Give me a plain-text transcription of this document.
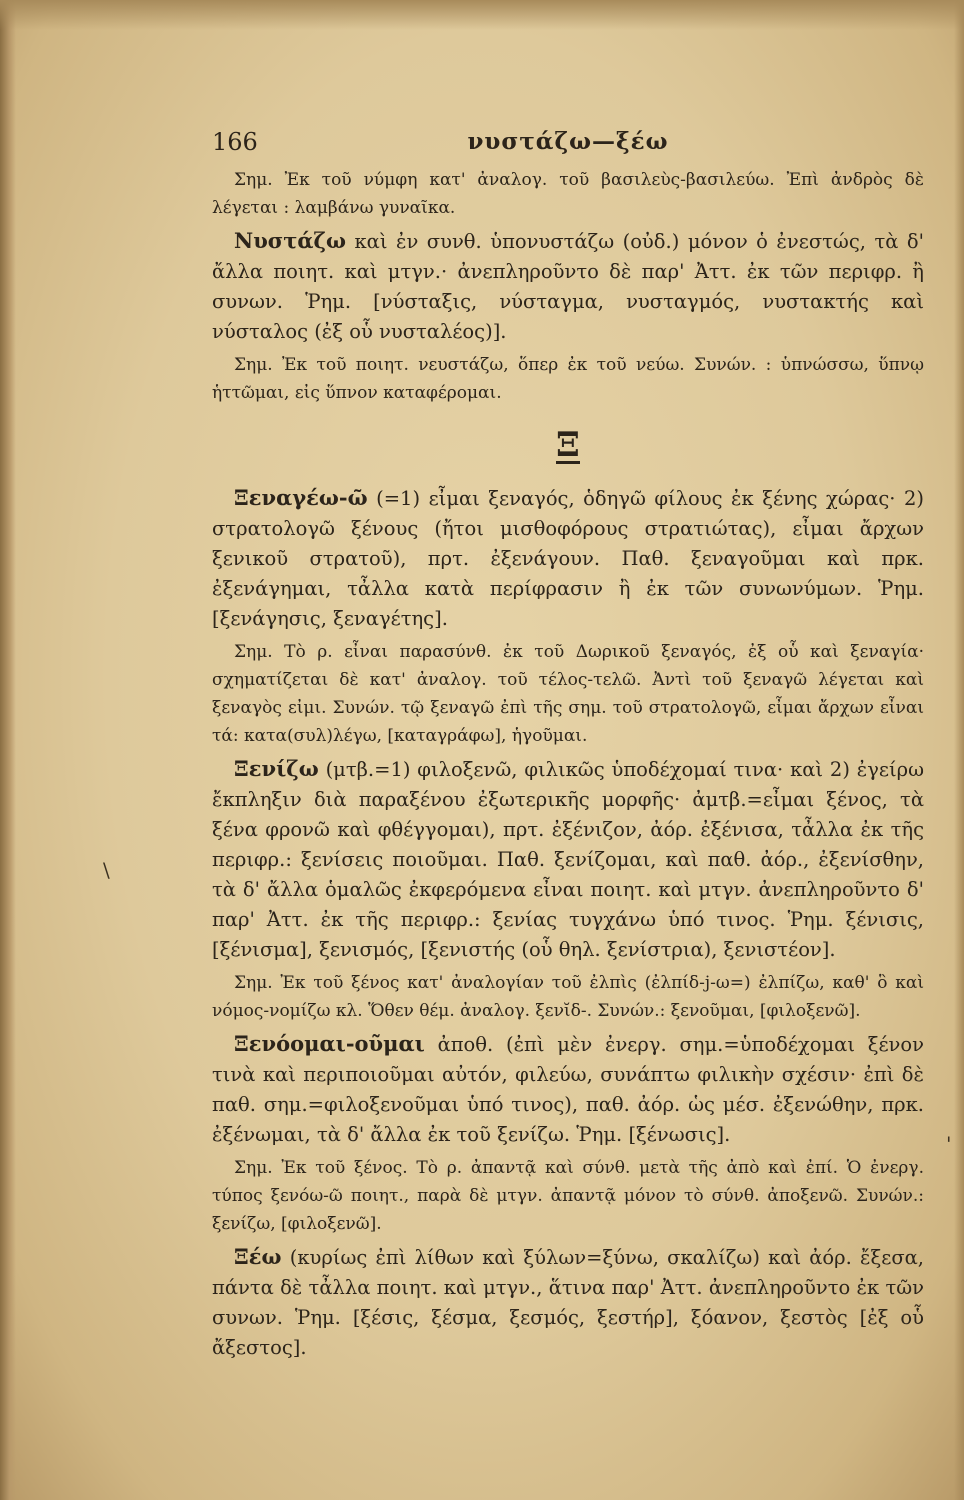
\
'
166	νυστάζω—ξέω
Σημ. Ἐκ τοῦ νύμφη κατ' ἀναλογ. τοῦ βασιλεὺς-βασιλεύω. Ἐπὶ ἀνδρὸς δὲ λέγεται : λαμβάνω γυναῖκα.
Νυστάζω καὶ ἐν συνθ. ὑπονυστάζω (οὐδ.) μόνον ὁ ἐνεστώς, τὰ δ' ἄλλα ποιητ. καὶ μτγν.· ἀνεπληροῦντο δὲ παρ' Ἀττ. ἐκ τῶν περιφρ. ἢ συνων. Ῥημ. [νύσταξις, νύσταγμα, νυσταγμός, νυστακτής καὶ νύσταλος (ἐξ οὗ νυσταλέος)].
Σημ. Ἐκ τοῦ ποιητ. νευστάζω, ὅπερ ἐκ τοῦ νεύω. Συνών. : ὑπνώσσω, ὕπνῳ ἡττῶμαι, εἰς ὕπνον καταφέρομαι.
Ξ
Ξεναγέω-ῶ (=1) εἶμαι ξεναγός, ὁδηγῶ φίλους ἐκ ξένης χώρας· 2) στρατολογῶ ξένους (ἤτοι μισθοφόρους στρατιώτας), εἶμαι ἄρχων ξενικοῦ στρατοῦ), πρτ. ἐξενάγουν. Παθ. ξεναγοῦμαι καὶ πρκ. ἐξενάγημαι, τἆλλα κατὰ περίφρασιν ἢ ἐκ τῶν συνωνύμων. Ῥημ. [ξενάγησις, ξεναγέτης].
Σημ. Τὸ ρ. εἶναι παρασύνθ. ἐκ τοῦ Δωρικοῦ ξεναγός, ἐξ οὗ καὶ ξεναγία· σχηματίζεται δὲ κατ' ἀναλογ. τοῦ τέλος-τελῶ. Ἀντὶ τοῦ ξεναγῶ λέγεται καὶ ξεναγὸς εἰμι. Συνών. τῷ ξεναγῶ ἐπὶ τῆς σημ. τοῦ στρατολογῶ, εἶμαι ἄρχων εἶναι τά: κατα(συλ)λέγω, [καταγράφω], ἡγοῦμαι.
Ξενίζω (μτβ.=1) φιλοξενῶ, φιλικῶς ὑποδέχομαί τινα· καὶ 2) ἐγείρω ἔκπληξιν διὰ παραξένου ἐξωτερικῆς μορφῆς· ἀμτβ.=εἶμαι ξένος, τὰ ξένα φρονῶ καὶ φθέγγομαι), πρτ. ἐξένιζον, ἀόρ. ἐξένισα, τἆλλα ἐκ τῆς περιφρ.: ξενίσεις ποιοῦμαι. Παθ. ξενίζομαι, καὶ παθ. ἀόρ., ἐξενίσθην, τὰ δ' ἄλλα ὁμαλῶς ἐκφερόμενα εἶναι ποιητ. καὶ μτγν. ἀνεπληροῦντο δ' παρ' Ἀττ. ἐκ τῆς περιφρ.: ξενίας τυγχάνω ὑπό τινος. Ῥημ. ξένισις, [ξένισμα], ξενισμός, [ξενιστής (οὗ θηλ. ξενίστρια), ξενιστέον].
Σημ. Ἐκ τοῦ ξένος κατ' ἀναλογίαν τοῦ ἐλπὶς (ἐλπίδ-j-ω=) ἐλπίζω, καθ' ὃ καὶ νόμος-νομίζω κλ. Ὅθεν θέμ. ἀναλογ. ξενῐδ-. Συνών.: ξενοῦμαι, [φιλοξενῶ].
Ξενόομαι-οῦμαι ἀποθ. (ἐπὶ μὲν ἐνεργ. σημ.=ὑποδέχομαι ξένον τινὰ καὶ περιποιοῦμαι αὐτόν, φιλεύω, συνάπτω φιλικὴν σχέσιν· ἐπὶ δὲ παθ. σημ.=φιλοξενοῦμαι ὑπό τινος), παθ. ἀόρ. ὡς μέσ. ἐξενώθην, πρκ. ἐξένωμαι, τὰ δ' ἄλλα ἐκ τοῦ ξενίζω. Ῥημ. [ξένωσις].
Σημ. Ἐκ τοῦ ξένος. Τὸ ρ. ἀπαντᾷ καὶ σύνθ. μετὰ τῆς ἀπὸ καὶ ἐπί. Ὁ ἐνεργ. τύπος ξενόω-ῶ ποιητ., παρὰ δὲ μτγν. ἀπαντᾷ μόνον τὸ σύνθ. ἀποξενῶ. Συνών.: ξενίζω, [φιλοξενῶ].
Ξέω (κυρίως ἐπὶ λίθων καὶ ξύλων=ξύνω, σκαλίζω) καὶ ἀόρ. ἔξεσα, πάντα δὲ τἆλλα ποιητ. καὶ μτγν., ἅτινα παρ' Ἀττ. ἀνεπληροῦντο ἐκ τῶν συνων. Ῥημ. [ξέσις, ξέσμα, ξεσμός, ξεστήρ], ξόανον, ξεστὸς [ἐξ οὗ ἄξεστος].
